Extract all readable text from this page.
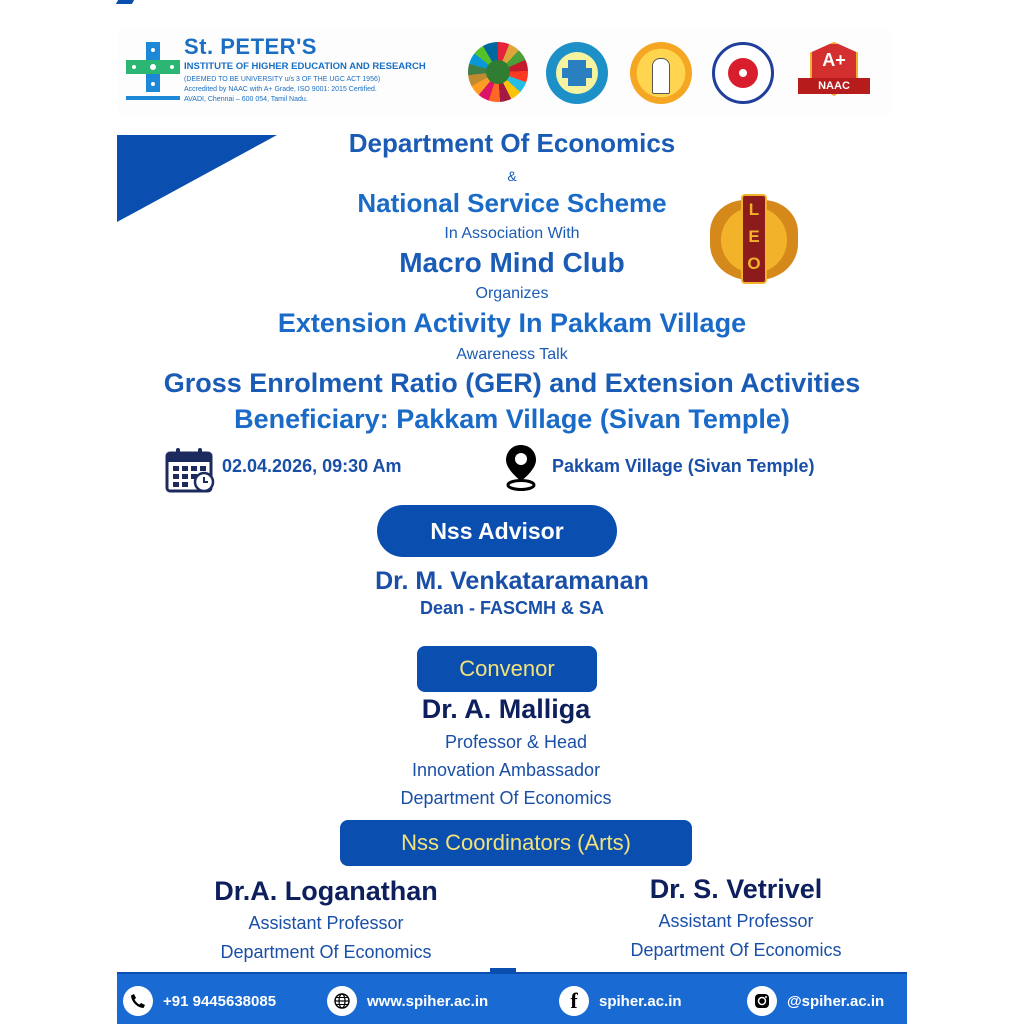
St. PETER'S
INSTITUTE OF HIGHER EDUCATION AND RESEARCH
(DEEMED TO BE UNIVERSITY u/s 3 OF THE UGC ACT 1956)
Accredited by NAAC with A+ Grade, ISO 9001: 2015 Certified.
AVADI, Chennai – 600 054, Tamil Nadu.
A+
NAAC
Department Of Economics
&
National Service Scheme
In Association With
Macro Mind Club
Organizes
Extension Activity In Pakkam Village
Awareness Talk
Gross Enrolment Ratio (GER) and Extension Activities
Beneficiary: Pakkam Village (Sivan Temple)
L
E
O
02.04.2026, 09:30 Am	Pakkam Village (Sivan Temple)
Nss Advisor
Dr. M. Venkataramanan
Dean - FASCMH & SA
Convenor
Dr. A. Malliga
Professor & Head
Innovation Ambassador
Department Of Economics
Nss Coordinators (Arts)
Dr.A. Loganathan
Assistant Professor
Department Of Economics
Dr. S. Vetrivel
Assistant Professor
Department Of Economics
+91 9445638085	www.spiher.ac.in	f	spiher.ac.in	@spiher.ac.in
